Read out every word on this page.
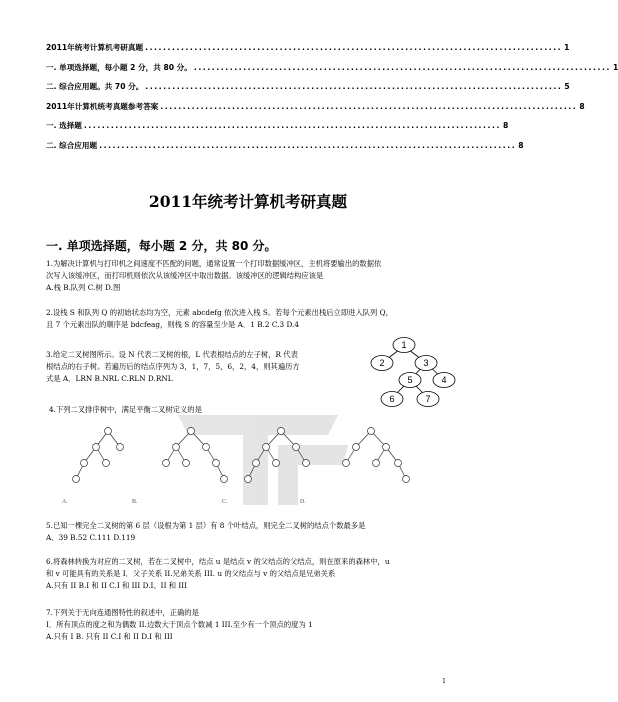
2011年统考计算机考研真题 ............................................................................................. 1
一. 单项选择题，每小题 2 分，共 80 分。 ............................................................................................. 1
二. 综合应用题。共 70 分。 ............................................................................................. 5
2011年计算机统考真题参考答案 ............................................................................................. 8
一. 选择题 ............................................................................................. 8
二. 综合应用题 ............................................................................................. 8
2011年统考计算机考研真题
一. 单项选择题，每小题 2 分，共 80 分。
1.为解决计算机与打印机之间速度不匹配的问题，通常设置一个打印数据缓冲区，主机将要输出的数据依
次写入该缓冲区，而打印机则依次从该缓冲区中取出数据。该缓冲区的逻辑结构应该是
A.栈 B.队列 C.树 D.图
2.设栈 S 和队列 Q 的初始状态均为空，元素 abcdefg 依次进入栈 S。若每个元素出栈后立即进入队列 Q，
且 7 个元素出队的顺序是 bdcfeag，则栈 S 的容量至少是 A．1 B.2 C.3 D.4
3.给定二叉树图所示。设 N 代表二叉树的根，L 代表根结点的左子树，R 代表
根结点的右子树。若遍历后的结点序列为 3，1，7，5，6，2，4，则其遍历方
式是 A．LRN B.NRL C.RLN D.RNL
1
2	3
5	4
6	7
4.下列二叉排序树中，满足平衡二叉树定义的是
A.	B.	C.	D.
5.已知一棵完全二叉树的第 6 层（设根为第 1 层）有 8 个叶结点，则完全二叉树的结点个数最多是
A．39 B.52 C.111 D.119
6.将森林转换为对应的二叉树，若在二叉树中，结点 u 是结点 v 的父结点的父结点，则在原来的森林中，u
和 v 可能具有的关系是 I．父子关系 II.兄弟关系 III. u 的父结点与 v 的父结点是兄弟关系
A.只有 II B.I 和 II C.I 和 III D.I、II 和 III
7.下列关于无向连通图特性的叙述中，正确的是
I．所有顶点的度之和为偶数 II.边数大于顶点个数减 1 III.至少有一个顶点的度为 1
A.只有 I B. 只有 II C.I 和 II D.I 和 III
1
